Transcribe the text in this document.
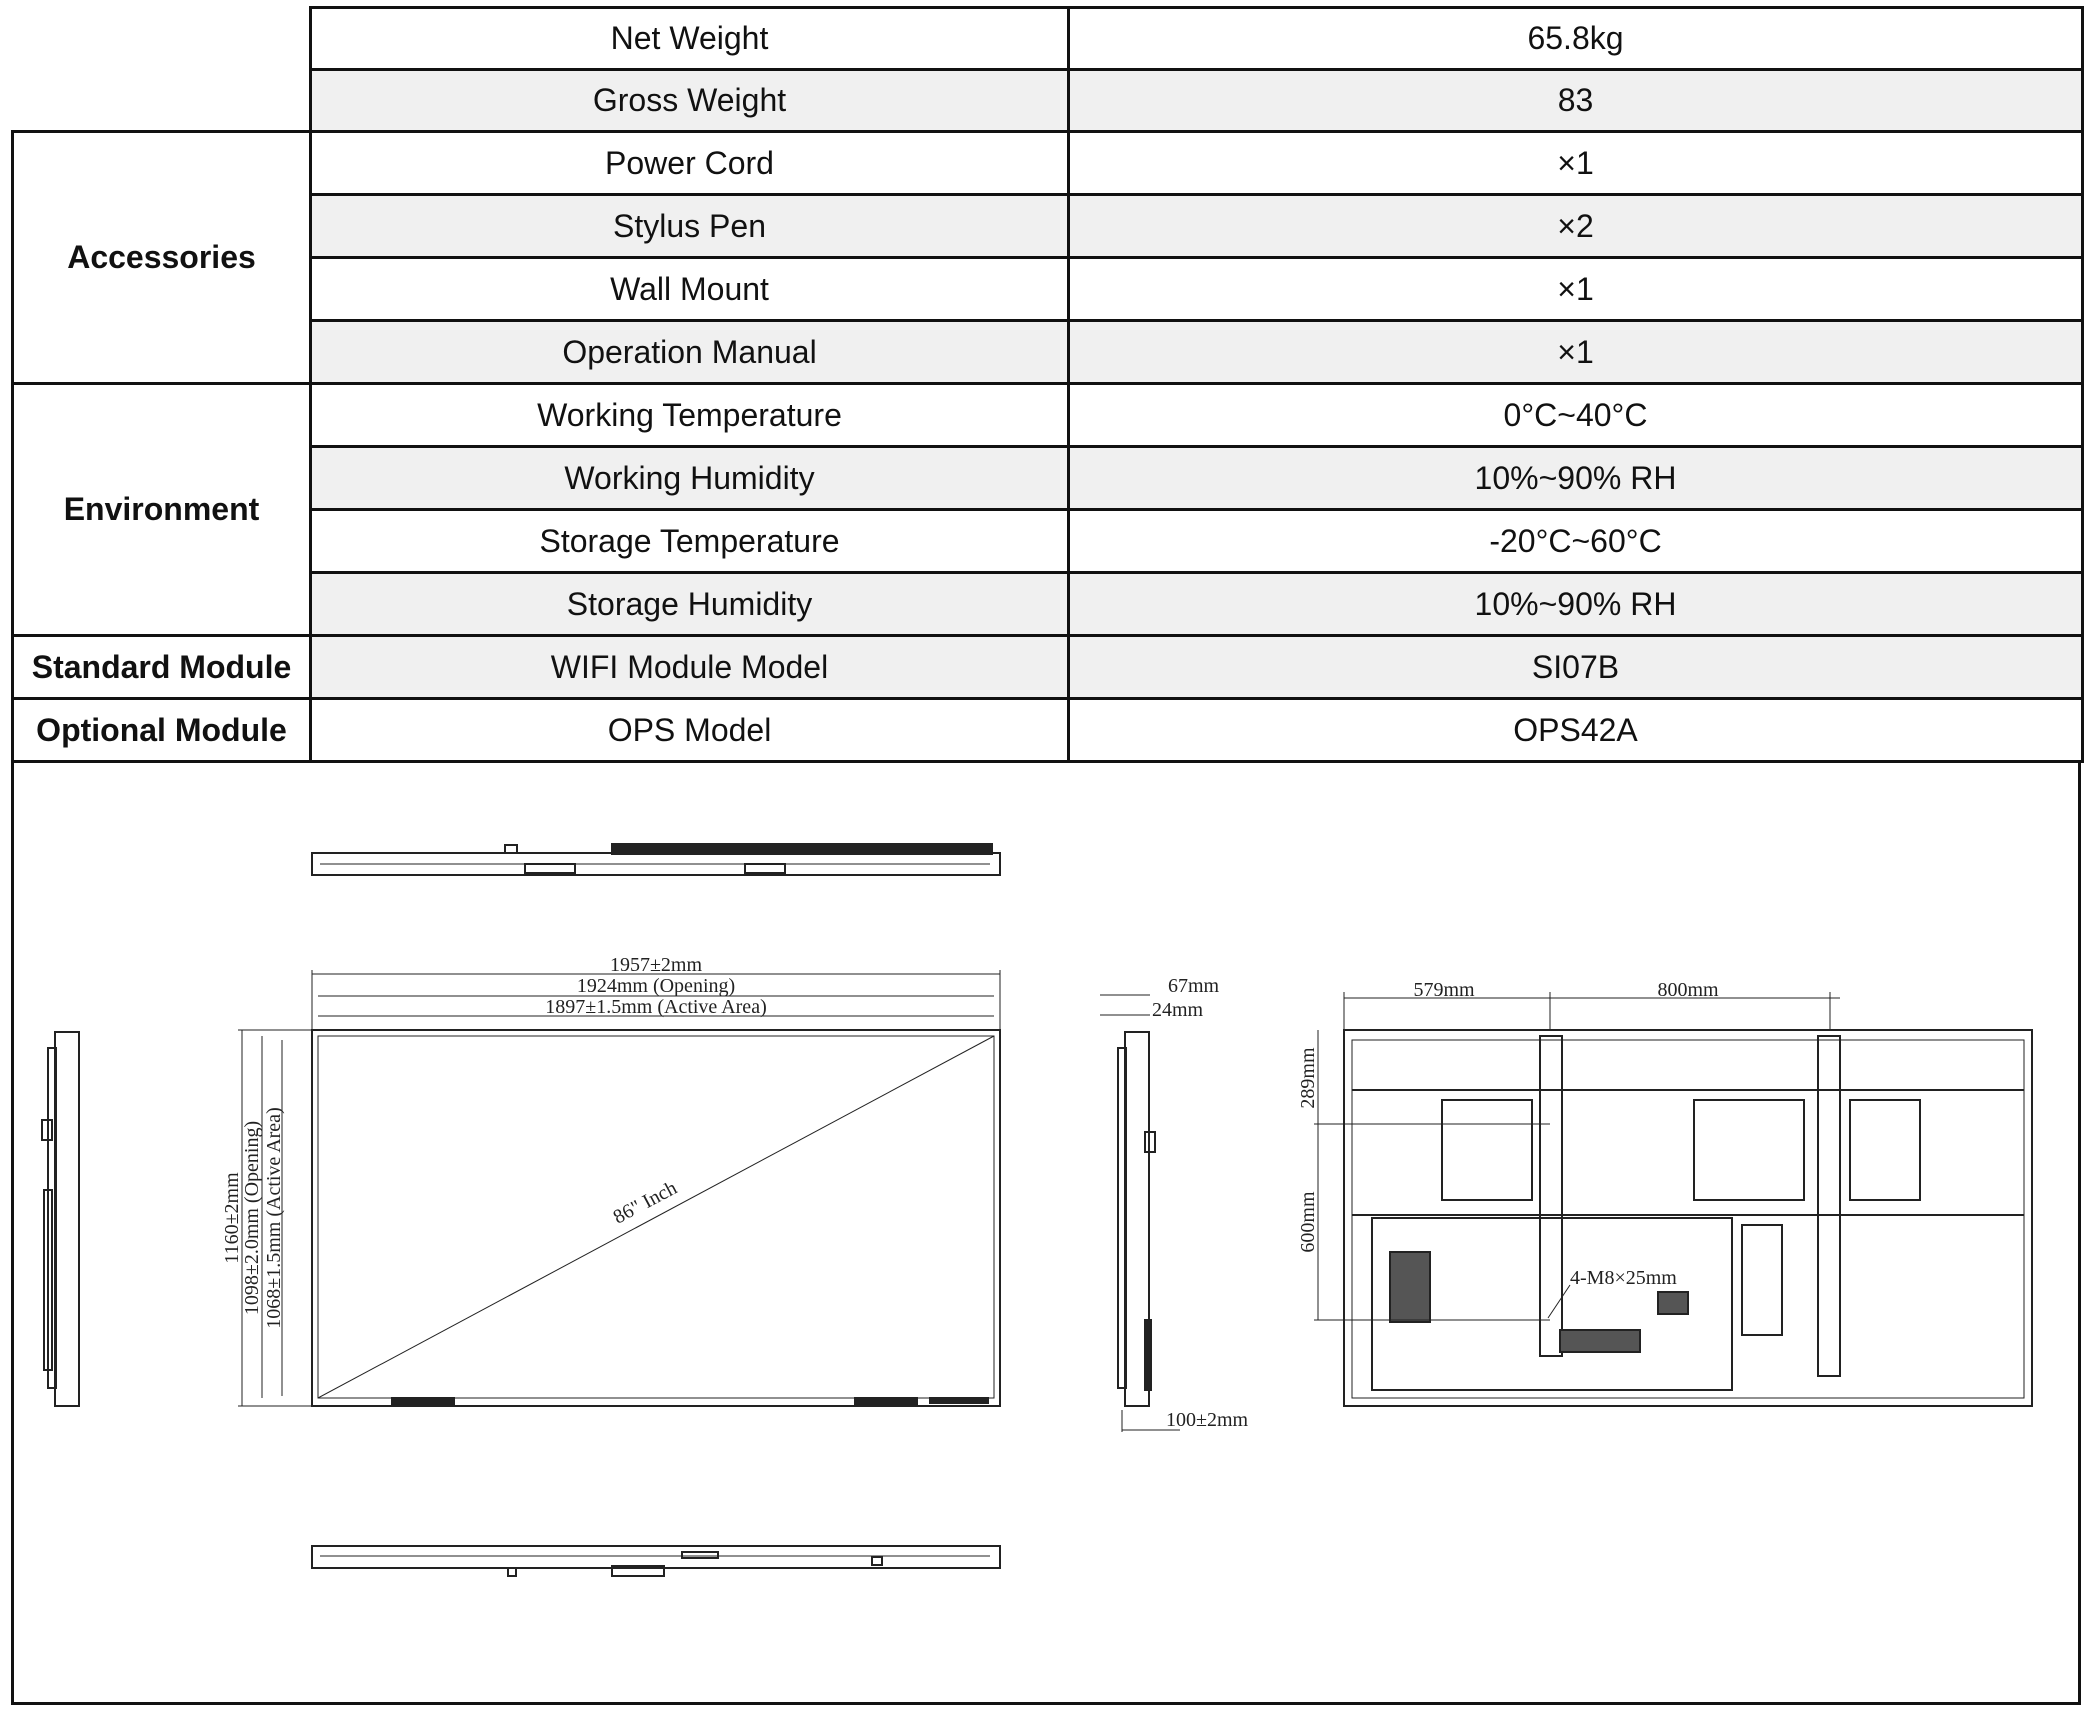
	Net Weight	65.8kg
	Gross Weight	83
Accessories	Power Cord	×1
	Stylus Pen	×2
	Wall Mount	×1
	Operation Manual	×1
Environment	Working Temperature	0°C~40°C
	Working Humidity	10%~90% RH
	Storage Temperature	-20°C~60°C
	Storage Humidity	10%~90% RH
Standard Module	WIFI Module Model	SI07B
Optional Module	OPS Model	OPS42A
1957±2mm
1924mm (Opening)
1897±1.5mm (Active Area)
1160±2mm
1098±2.0mm (Opening) 1068±1.5mm (Active Area)	86" Inch
67mm
24mm
100±2mm
579mm	800mm
289mm
600mm
4-M8×25mm
